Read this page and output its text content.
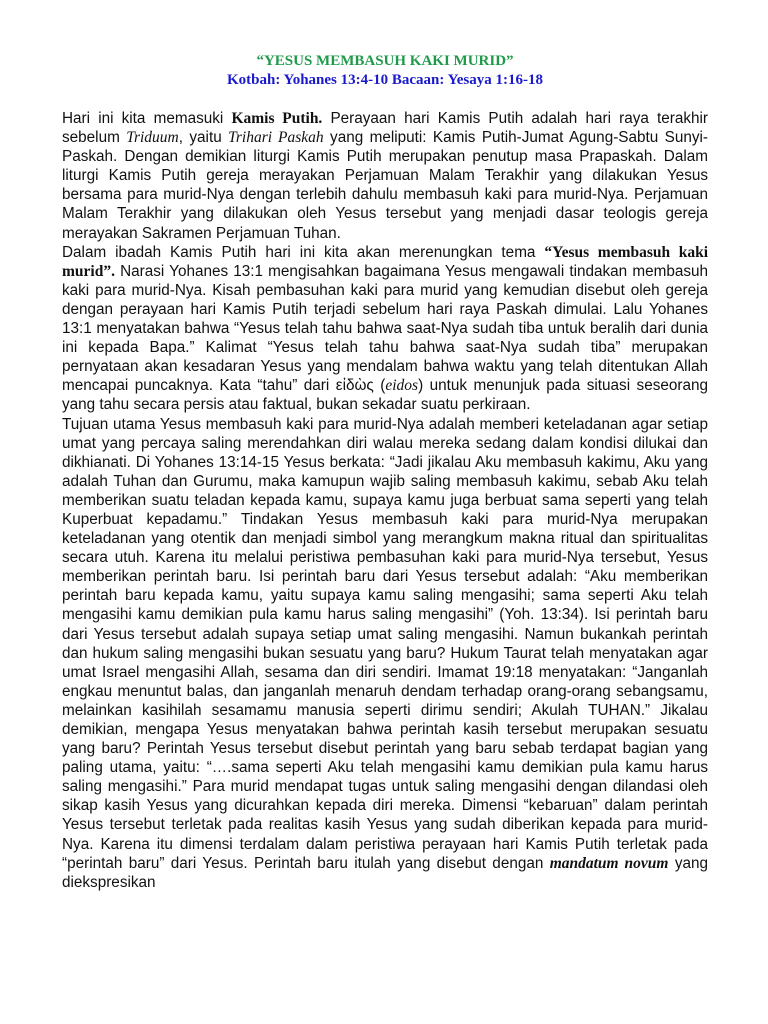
“YESUS MEMBASUH KAKI MURID”
Kotbah: Yohanes 13:4-10 Bacaan: Yesaya 1:16-18

Hari ini kita memasuki Kamis Putih. Perayaan hari Kamis Putih adalah hari raya terakhir sebelum Triduum, yaitu Trihari Paskah yang meliputi: Kamis Putih-Jumat Agung-Sabtu Sunyi-Paskah. Dengan demikian liturgi Kamis Putih merupakan penutup masa Prapaskah. Dalam liturgi Kamis Putih gereja merayakan Perjamuan Malam Terakhir yang dilakukan Yesus bersama para murid-Nya dengan terlebih dahulu membasuh kaki para murid-Nya. Perjamuan Malam Terakhir yang dilakukan oleh Yesus tersebut yang menjadi dasar teologis gereja merayakan Sakramen Perjamuan Tuhan.

Dalam ibadah Kamis Putih hari ini kita akan merenungkan tema “Yesus membasuh kaki murid”. Narasi Yohanes 13:1 mengisahkan bagaimana Yesus mengawali tindakan membasuh kaki para murid-Nya. Kisah pembasuhan kaki para murid yang kemudian disebut oleh gereja dengan perayaan hari Kamis Putih terjadi sebelum hari raya Paskah dimulai. Lalu Yohanes 13:1 menyatakan bahwa “Yesus telah tahu bahwa saat-Nya sudah tiba untuk beralih dari dunia ini kepada Bapa.” Kalimat “Yesus telah tahu bahwa saat-Nya sudah tiba” merupakan pernyataan akan kesadaran Yesus yang mendalam bahwa waktu yang telah ditentukan Allah mencapai puncaknya. Kata “tahu” dari εἰδὼς (eidos) untuk menunjuk pada situasi seseorang yang tahu secara persis atau faktual, bukan sekadar suatu perkiraan.

Tujuan utama Yesus membasuh kaki para murid-Nya adalah memberi keteladanan agar setiap umat yang percaya saling merendahkan diri walau mereka sedang dalam kondisi dilukai dan dikhianati. Di Yohanes 13:14-15 Yesus berkata: “Jadi jikalau Aku membasuh kakimu, Aku yang adalah Tuhan dan Gurumu, maka kamupun wajib saling membasuh kakimu, sebab Aku telah memberikan suatu teladan kepada kamu, supaya kamu juga berbuat sama seperti yang telah Kuperbuat kepadamu.” Tindakan Yesus membasuh kaki para murid-Nya merupakan keteladanan yang otentik dan menjadi simbol yang merangkum makna ritual dan spiritualitas secara utuh. Karena itu melalui peristiwa pembasuhan kaki para murid-Nya tersebut, Yesus memberikan perintah baru. Isi perintah baru dari Yesus tersebut adalah: “Aku memberikan perintah baru kepada kamu, yaitu supaya kamu saling mengasihi; sama seperti Aku telah mengasihi kamu demikian pula kamu harus saling mengasihi” (Yoh. 13:34). Isi perintah baru dari Yesus tersebut adalah supaya setiap umat saling mengasihi. Namun bukankah perintah dan hukum saling mengasihi bukan sesuatu yang baru? Hukum Taurat telah menyatakan agar umat Israel mengasihi Allah, sesama dan diri sendiri. Imamat 19:18 menyatakan: “Janganlah engkau menuntut balas, dan janganlah menaruh dendam terhadap orang-orang sebangsamu, melainkan kasihilah sesamamu manusia seperti dirimu sendiri; Akulah TUHAN.” Jikalau demikian, mengapa Yesus menyatakan bahwa perintah kasih tersebut merupakan sesuatu yang baru? Perintah Yesus tersebut disebut perintah yang baru sebab terdapat bagian yang paling utama, yaitu: “….sama seperti Aku telah mengasihi kamu demikian pula kamu harus saling mengasihi.” Para murid mendapat tugas untuk saling mengasihi dengan dilandasi oleh sikap kasih Yesus yang dicurahkan kepada diri mereka. Dimensi “kebaruan” dalam perintah Yesus tersebut terletak pada realitas kasih Yesus yang sudah diberikan kepada para murid-Nya. Karena itu dimensi terdalam dalam peristiwa perayaan hari Kamis Putih terletak pada “perintah baru” dari Yesus. Perintah baru itulah yang disebut dengan mandatum novum yang diekspresikan
